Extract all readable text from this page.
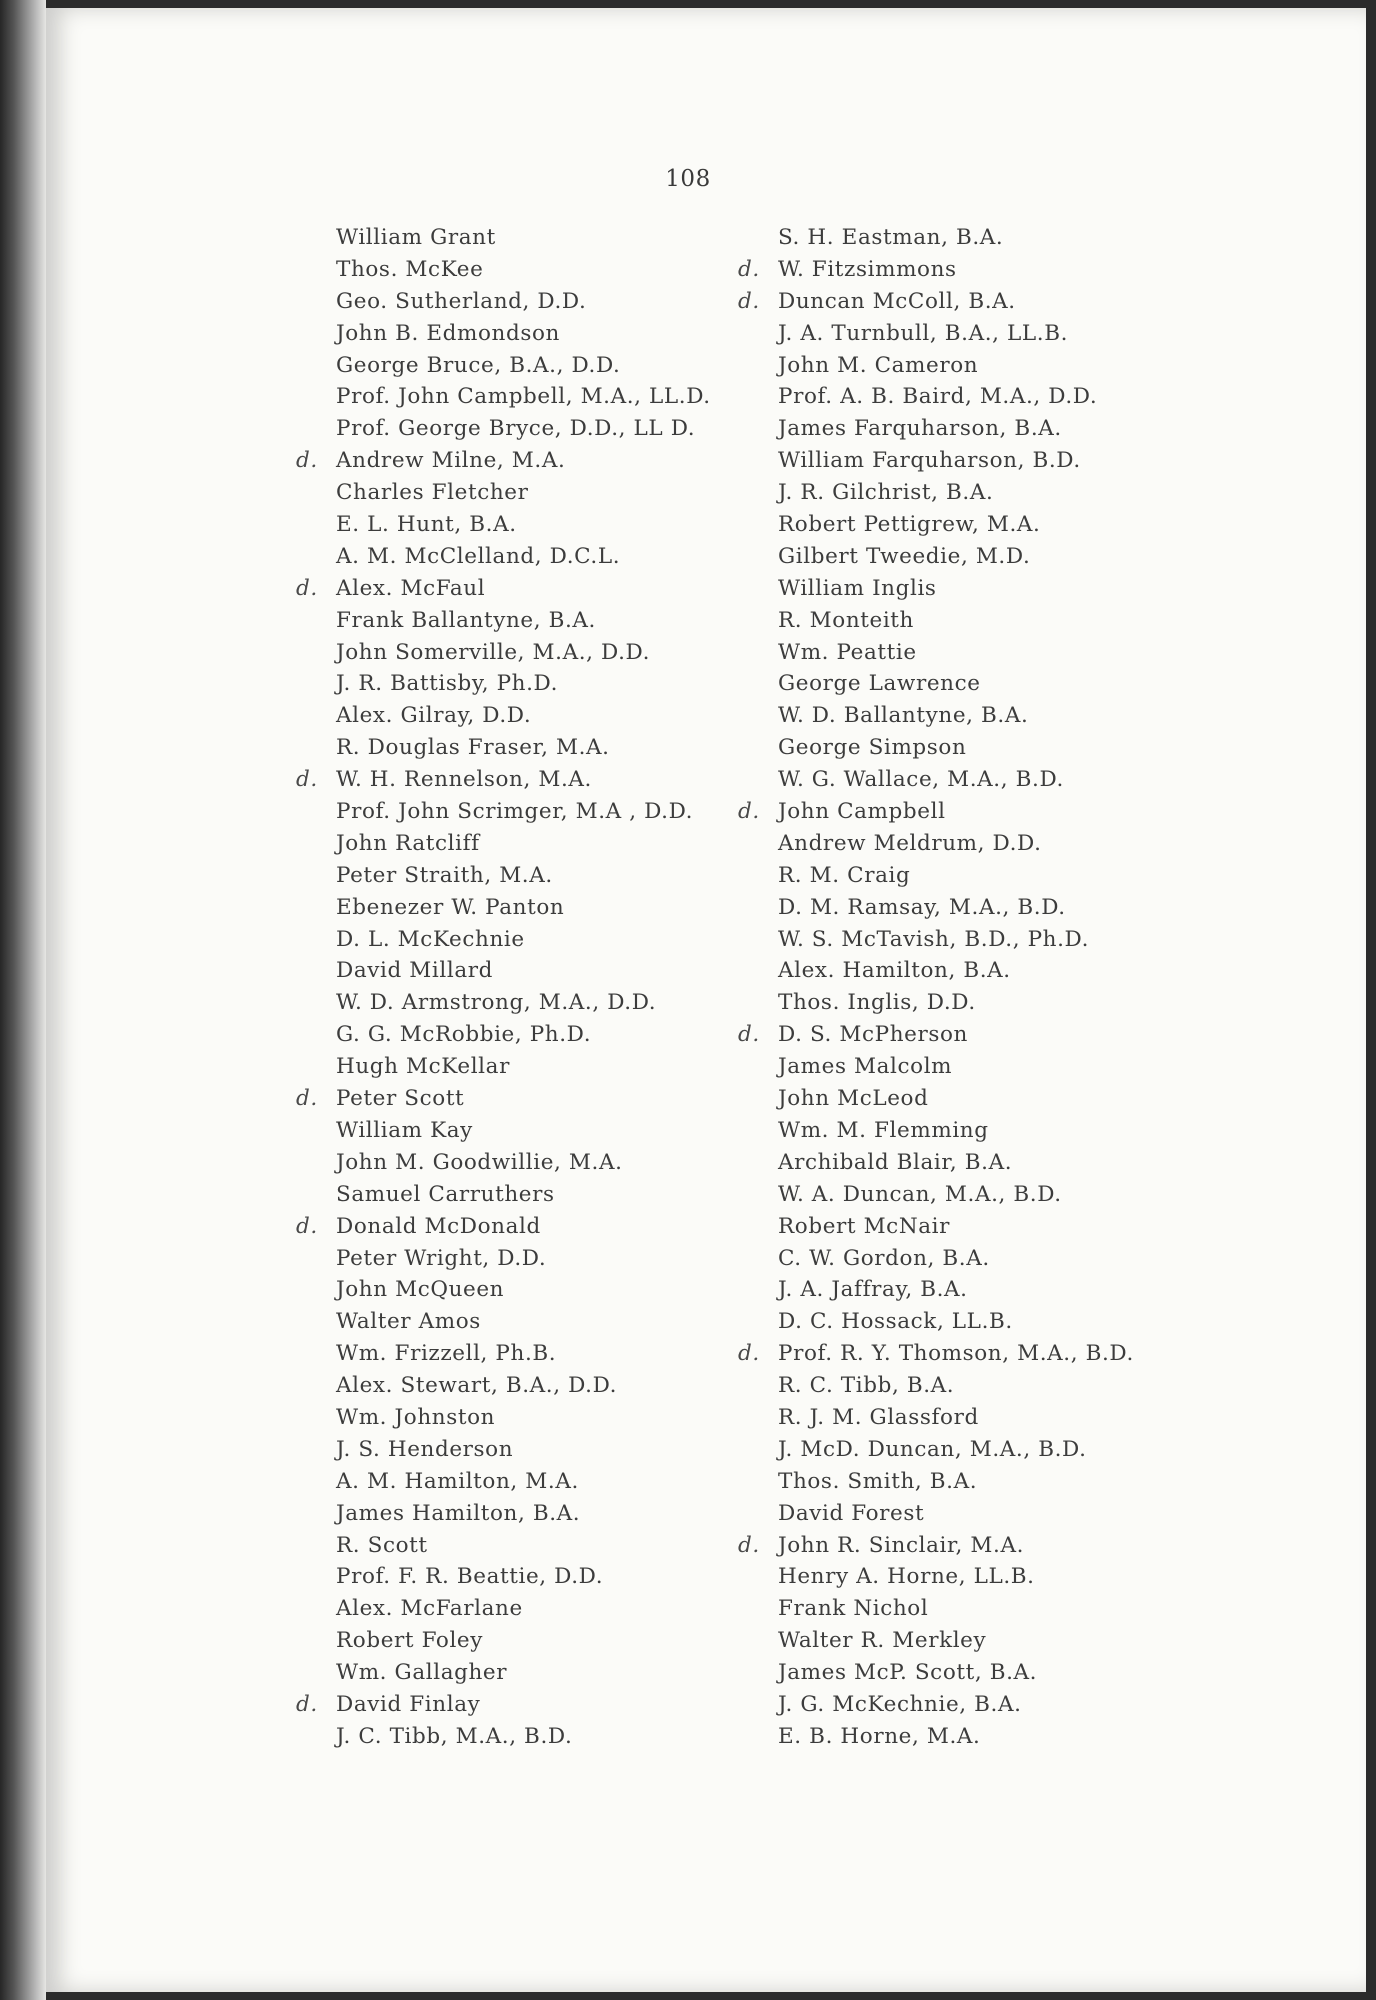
108
William Grant
Thos. McKee
Geo. Sutherland, D.D.
John B. Edmondson
George Bruce, B.A., D.D.
Prof. John Campbell, M.A., LL.D.
Prof. George Bryce, D.D., LL D.
d. Andrew Milne, M.A.
Charles Fletcher
E. L. Hunt, B.A.
A. M. McClelland, D.C.L.
d. Alex. McFaul
Frank Ballantyne, B.A.
John Somerville, M.A., D.D.
J. R. Battisby, Ph.D.
Alex. Gilray, D.D.
R. Douglas Fraser, M.A.
d. W. H. Rennelson, M.A.
Prof. John Scrimger, M.A , D.D.
John Ratcliff
Peter Straith, M.A.
Ebenezer W. Panton
D. L. McKechnie
David Millard
W. D. Armstrong, M.A., D.D.
G. G. McRobbie, Ph.D.
Hugh McKellar
d. Peter Scott
William Kay
John M. Goodwillie, M.A.
Samuel Carruthers
d. Donald McDonald
Peter Wright, D.D.
John McQueen
Walter Amos
Wm. Frizzell, Ph.B.
Alex. Stewart, B.A., D.D.
Wm. Johnston
J. S. Henderson
A. M. Hamilton, M.A.
James Hamilton, B.A.
R. Scott
Prof. F. R. Beattie, D.D.
Alex. McFarlane
Robert Foley
Wm. Gallagher
d. David Finlay
J. C. Tibb, M.A., B.D.
S. H. Eastman, B.A.
d. W. Fitzsimmons
d. Duncan McColl, B.A.
J. A. Turnbull, B.A., LL.B.
John M. Cameron
Prof. A. B. Baird, M.A., D.D.
James Farquharson, B.A.
William Farquharson, B.D.
J. R. Gilchrist, B.A.
Robert Pettigrew, M.A.
Gilbert Tweedie, M.D.
William Inglis
R. Monteith
Wm. Peattie
George Lawrence
W. D. Ballantyne, B.A.
George Simpson
W. G. Wallace, M.A., B.D.
d. John Campbell
Andrew Meldrum, D.D.
R. M. Craig
D. M. Ramsay, M.A., B.D.
W. S. McTavish, B.D., Ph.D.
Alex. Hamilton, B.A.
Thos. Inglis, D.D.
d. D. S. McPherson
James Malcolm
John McLeod
Wm. M. Flemming
Archibald Blair, B.A.
W. A. Duncan, M.A., B.D.
Robert McNair
C. W. Gordon, B.A.
J. A. Jaffray, B.A.
D. C. Hossack, LL.B.
d. Prof. R. Y. Thomson, M.A., B.D.
R. C. Tibb, B.A.
R. J. M. Glassford
J. McD. Duncan, M.A., B.D.
Thos. Smith, B.A.
David Forest
d. John R. Sinclair, M.A.
Henry A. Horne, LL.B.
Frank Nichol
Walter R. Merkley
James McP. Scott, B.A.
J. G. McKechnie, B.A.
E. B. Horne, M.A.
